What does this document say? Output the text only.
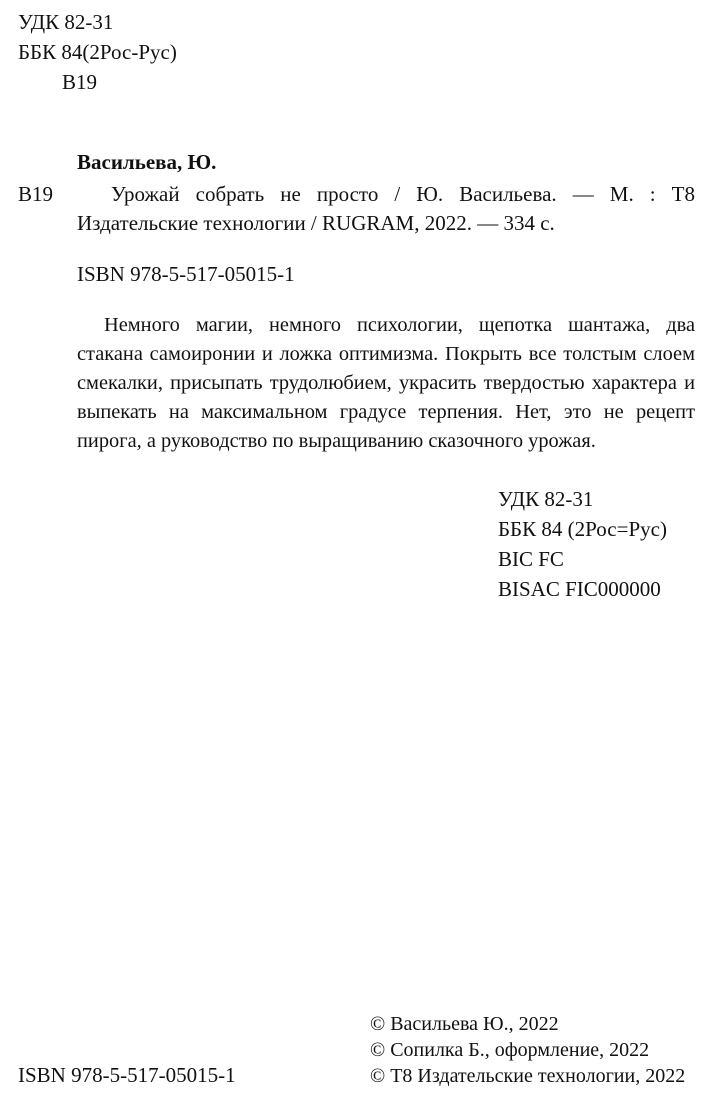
УДК 82-31
ББК 84(2Рос-Рус)
В19
Васильева, Ю.
В19	Урожай собрать не просто / Ю. Васильева. — М. : Т8
Издательские технологии / RUGRAM, 2022. — 334 с.
ISBN 978-5-517-05015-1
Немного магии, немного психологии, щепотка шантажа, два стакана самоиронии и ложка оптимизма. Покрыть все толстым слоем смекалки, присыпать трудолюбием, украсить твердостью характера и выпекать на максимальном градусе терпения. Нет, это не рецепт пирога, а руководство по выращиванию сказочного урожая.
УДК 82-31
ББК 84 (2Рос=Рус)
BIC FC
BISAC FIC000000
© Васильева Ю., 2022
© Сопилка Б., оформление, 2022
© Т8 Издательские технологии, 2022
ISBN 978-5-517-05015-1
